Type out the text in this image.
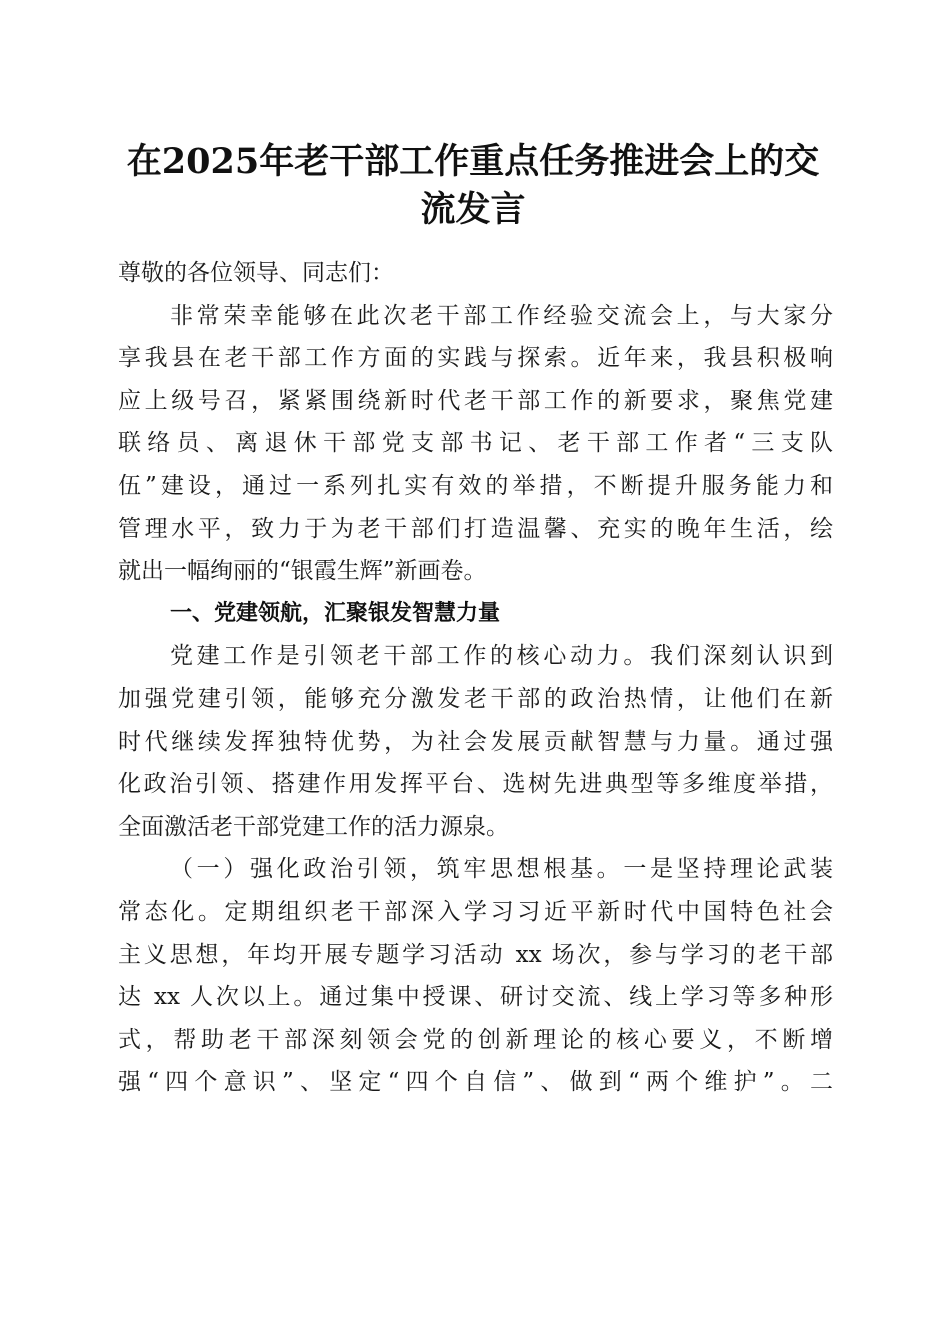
在2025年老干部工作重点任务推进会上的交
流发言
尊敬的各位领导、同志们：
非常荣幸能够在此次老干部工作经验交流会上，与大家分
享我县在老干部工作方面的实践与探索。近年来，我县积极响
应上级号召，紧紧围绕新时代老干部工作的新要求，聚焦党建
联络员、离退休干部党支部书记、老干部工作者“三支队
伍”建设，通过一系列扎实有效的举措，不断提升服务能力和
管理水平，致力于为老干部们打造温馨、充实的晚年生活，绘
就出一幅绚丽的“银霞生辉”新画卷。
一、党建领航，汇聚银发智慧力量
党建工作是引领老干部工作的核心动力。我们深刻认识到
加强党建引领，能够充分激发老干部的政治热情，让他们在新
时代继续发挥独特优势，为社会发展贡献智慧与力量。通过强
化政治引领、搭建作用发挥平台、选树先进典型等多维度举措，
全面激活老干部党建工作的活力源泉。
（一）强化政治引领，筑牢思想根基。一是坚持理论武装
常态化。定期组织老干部深入学习习近平新时代中国特色社会
主义思想，年均开展专题学习活动 xx 场次，参与学习的老干部
达 xx 人次以上。通过集中授课、研讨交流、线上学习等多种形
式，帮助老干部深刻领会党的创新理论的核心要义，不断增
强“四个意识”、坚定“四个自信”、做到“两个维护”。二
